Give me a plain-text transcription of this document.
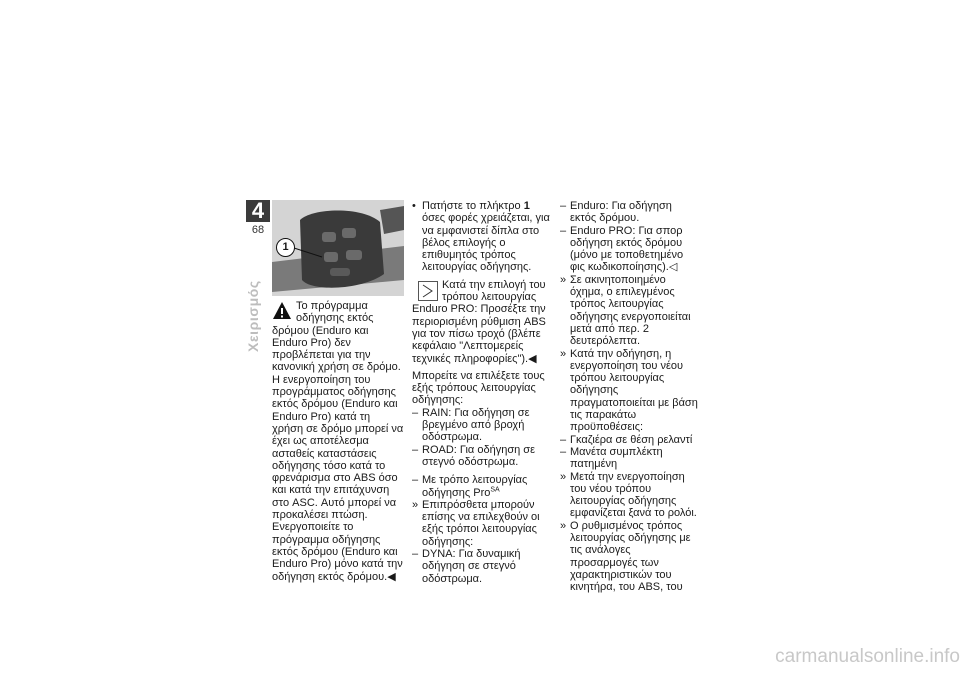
4
68
Χειρισμός
1

Το πρόγραμμα οδήγησης εκτός δρόμου (Enduro και Enduro Pro) δεν προβλέπεται για την κανονική χρήση σε δρόμο. Η ενεργοποίηση του προγράμματος οδήγησης εκτός δρόμου (Enduro και Enduro Pro) κατά τη χρήση σε δρόμο μπορεί να έχει ως αποτέλεσμα ασταθείς καταστάσεις οδήγησης τόσο κατά το φρενάρισμα στο ABS όσο και κατά την επιτάχυνση στο ASC. Αυτό μπορεί να προκαλέσει πτώση. Ενεργοποιείτε το πρόγραμμα οδήγησης εκτός δρόμου (Enduro και Enduro Pro) μόνο κατά την οδήγηση εκτός δρόμου.◀

• Πατήστε το πλήκτρο 1 όσες φορές χρειάζεται, για να εμφανιστεί δίπλα στο βέλος επιλογής ο επιθυμητός τρόπος λειτουργίας οδήγησης.

Κατά την επιλογή του τρόπου λειτουργίας Enduro PRO: Προσέξτε την περιορισμένη ρύθμιση ABS για τον πίσω τροχό (βλέπε κεφάλαιο "Λεπτομερείς τεχνικές πληροφορίες").◀

Μπορείτε να επιλέξετε τους εξής τρόπους λειτουργίας οδήγησης:

– RAIN: Για οδήγηση σε βρεγμένο από βροχή οδόστρωμα.
– ROAD: Για οδήγηση σε στεγνό οδόστρωμα.
– Με τρόπο λειτουργίας οδήγησης Pro$^{SA}$
» Επιπρόσθετα μπορούν επίσης να επιλεχθούν οι εξής τρόποι λειτουργίας οδήγησης:
– DYNA: Για δυναμική οδήγηση σε στεγνό οδόστρωμα.
– Enduro: Για οδήγηση εκτός δρόμου.
– Enduro PRO: Για σπορ οδήγηση εκτός δρόμου (μόνο με τοποθετημένο φις κωδικοποίησης).◁
» Σε ακινητοποιημένο όχημα, ο επιλεγμένος τρόπος λειτουργίας οδήγησης ενεργοποιείται μετά από περ. 2 δευτερόλεπτα.
» Κατά την οδήγηση, η ενεργοποίηση του νέου τρόπου λειτουργίας οδήγησης πραγματοποιείται με βάση τις παρακάτω προϋποθέσεις:
– Γκαζιέρα σε θέση ρελαντί
– Μανέτα συμπλέκτη πατημένη
» Μετά την ενεργοποίηση του νέου τρόπου λειτουργίας οδήγησης εμφανίζεται ξανά το ρολόι.
» Ο ρυθμισμένος τρόπος λειτουργίας οδήγησης με τις ανάλογες προσαρμογές των χαρακτηριστικών του κινητήρα, του ABS, του
carmanualsonline.info
